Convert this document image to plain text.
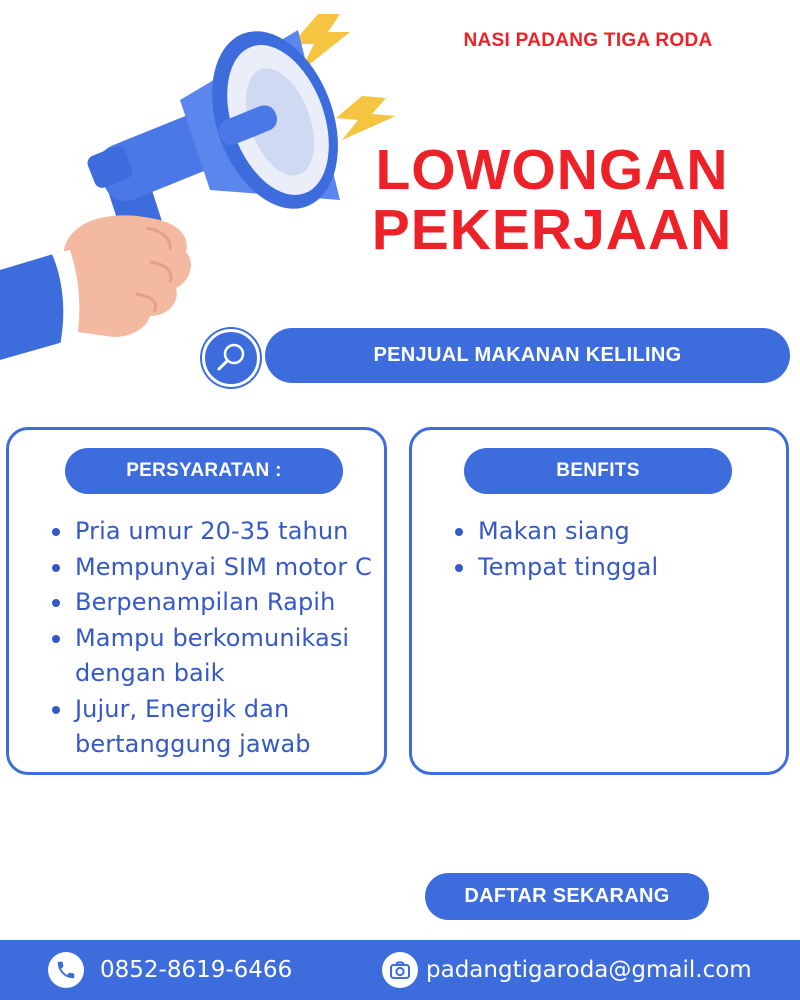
NASI PADANG TIGA RODA
LOWONGAN
PEKERJAAN
PENJUAL MAKANAN KELILING
PERSYARATAN :
Pria umur 20-35 tahun
Mempunyai SIM motor C
Berpenampilan Rapih
Mampu berkomunikasi dengan baik
Jujur, Energik dan bertanggung jawab
BENFITS
Makan siang
Tempat tinggal
DAFTAR SEKARANG
0852-8619-6466	padangtigaroda@gmail.com
